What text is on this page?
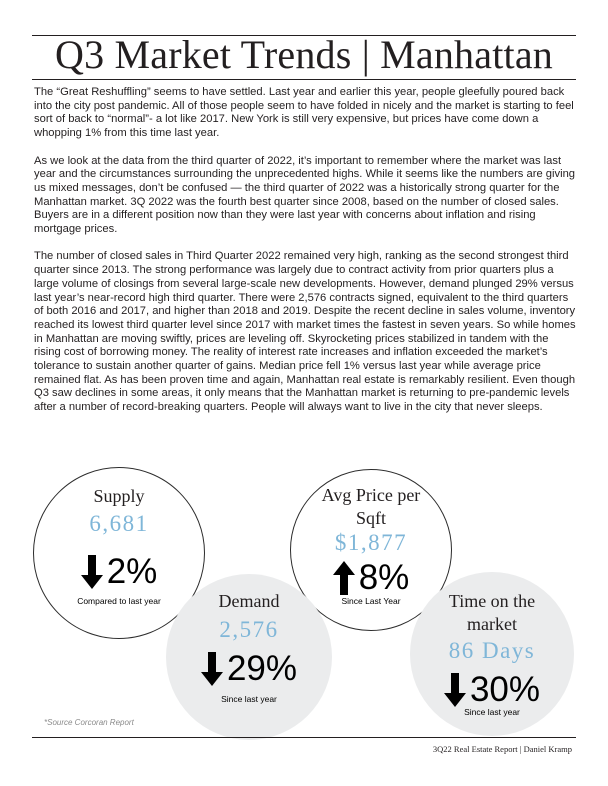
Q3 Market Trends | Manhattan

The “Great Reshuffling” seems to have settled. Last year and earlier this year, people gleefully poured back into the city post pandemic. All of those people seem to have folded in nicely and the market is starting to feel sort of back to “normal”- a lot like 2017. New York is still very expensive, but prices have come down a whopping 1% from this time last year.

As we look at the data from the third quarter of 2022, it’s important to remember where the market was last year and the circumstances surrounding the unprecedented highs. While it seems like the numbers are giving us mixed messages, don’t be confused — the third quarter of 2022 was a historically strong quarter for the Manhattan market. 3Q 2022 was the fourth best quarter since 2008, based on the number of closed sales. Buyers are in a different position now than they were last year with concerns about inflation and rising mortgage prices.

The number of closed sales in Third Quarter 2022 remained very high, ranking as the second strongest third quarter since 2013. The strong performance was largely due to contract activity from prior quarters plus a large volume of closings from several large-scale new developments. However, demand plunged 29% versus last year’s near-record high third quarter. There were 2,576 contracts signed, equivalent to the third quarters of both 2016 and 2017, and higher than 2018 and 2019. Despite the recent decline in sales volume, inventory reached its lowest third quarter level since 2017 with market times the fastest in seven years. So while homes in Manhattan are moving swiftly, prices are leveling off. Skyrocketing prices stabilized in tandem with the rising cost of borrowing money. The reality of interest rate increases and inflation exceeded the market’s tolerance to sustain another quarter of gains. Median price fell 1% versus last year while average price remained flat. As has been proven time and again, Manhattan real estate is remarkably resilient. Even though Q3 saw declines in some areas, it only means that the Manhattan market is returning to pre-pandemic levels after a number of record-breaking quarters. People will always want to live in the city that never sleeps.

Supply
6,681
2%
Compared to last year
Avg Price per
Sqft
$1,877
8%
Since Last Year
Demand
2,576
29%
Since last year
Time on the
market
86 Days
30%
Since last year
*Source Corcoran Report
3Q22 Real Estate Report | Daniel Kramp
